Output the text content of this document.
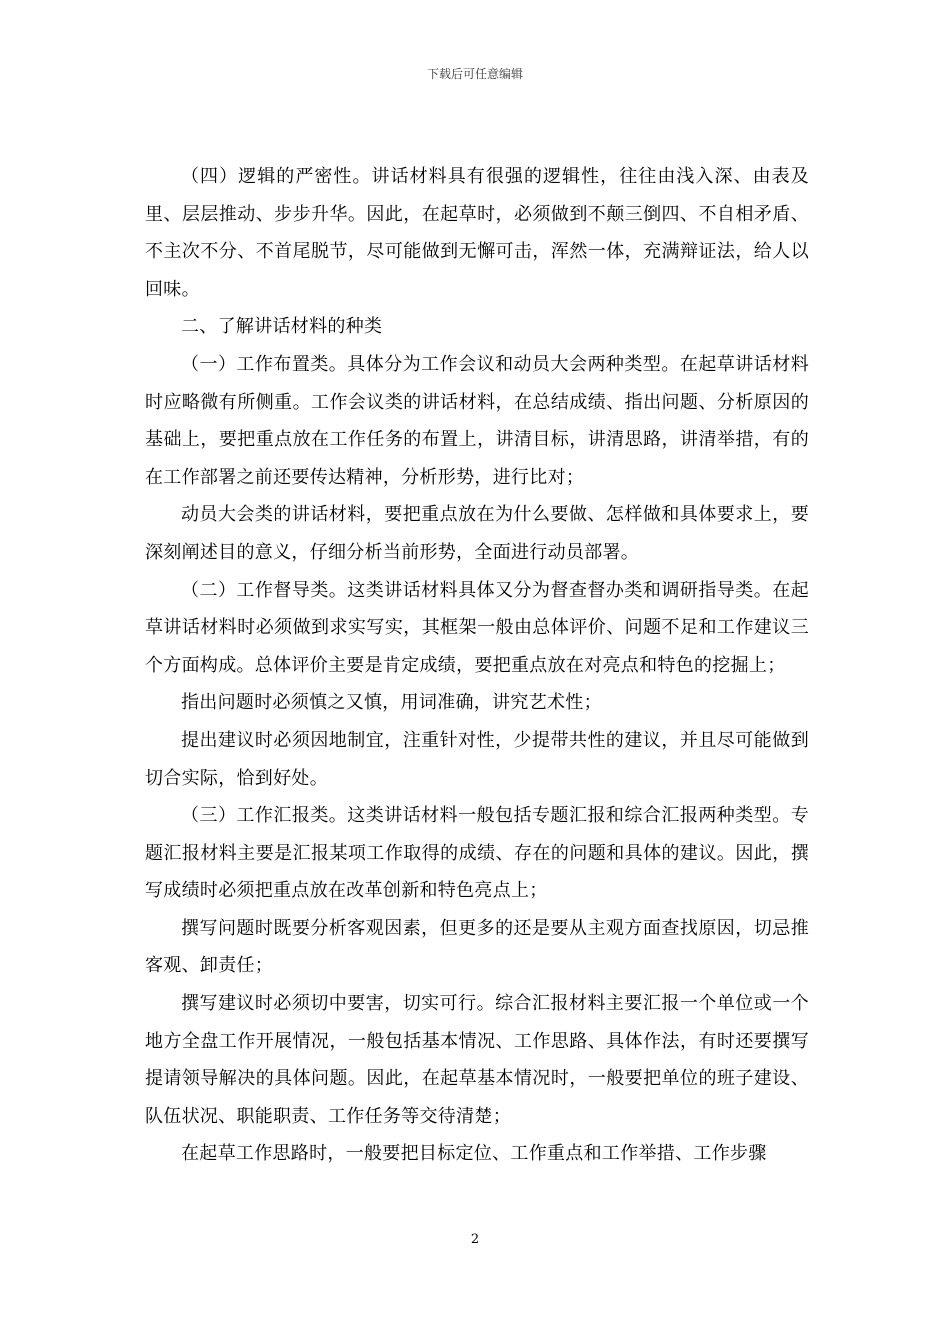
下载后可任意编辑

（四）逻辑的严密性。讲话材料具有很强的逻辑性，往往由浅入深、由表及里、层层推动、步步升华。因此，在起草时，必须做到不颠三倒四、不自相矛盾、不主次不分、不首尾脱节，尽可能做到无懈可击，浑然一体，充满辩证法，给人以回味。

二、了解讲话材料的种类

（一）工作布置类。具体分为工作会议和动员大会两种类型。在起草讲话材料时应略微有所侧重。工作会议类的讲话材料，在总结成绩、指出问题、分析原因的基础上，要把重点放在工作任务的布置上，讲清目标，讲清思路，讲清举措，有的在工作部署之前还要传达精神，分析形势，进行比对；

动员大会类的讲话材料，要把重点放在为什么要做、怎样做和具体要求上，要深刻阐述目的意义，仔细分析当前形势，全面进行动员部署。

（二）工作督导类。这类讲话材料具体又分为督查督办类和调研指导类。在起草讲话材料时必须做到求实写实，其框架一般由总体评价、问题不足和工作建议三个方面构成。总体评价主要是肯定成绩，要把重点放在对亮点和特色的挖掘上；

指出问题时必须慎之又慎，用词准确，讲究艺术性；

提出建议时必须因地制宜，注重针对性，少提带共性的建议，并且尽可能做到切合实际，恰到好处。

（三）工作汇报类。这类讲话材料一般包括专题汇报和综合汇报两种类型。专题汇报材料主要是汇报某项工作取得的成绩、存在的问题和具体的建议。因此，撰写成绩时必须把重点放在改革创新和特色亮点上；

撰写问题时既要分析客观因素，但更多的还是要从主观方面查找原因，切忌推客观、卸责任；

撰写建议时必须切中要害，切实可行。综合汇报材料主要汇报一个单位或一个地方全盘工作开展情况，一般包括基本情况、工作思路、具体作法，有时还要撰写提请领导解决的具体问题。因此，在起草基本情况时，一般要把单位的班子建设、队伍状况、职能职责、工作任务等交待清楚；

在起草工作思路时，一般要把目标定位、工作重点和工作举措、工作步骤

2
